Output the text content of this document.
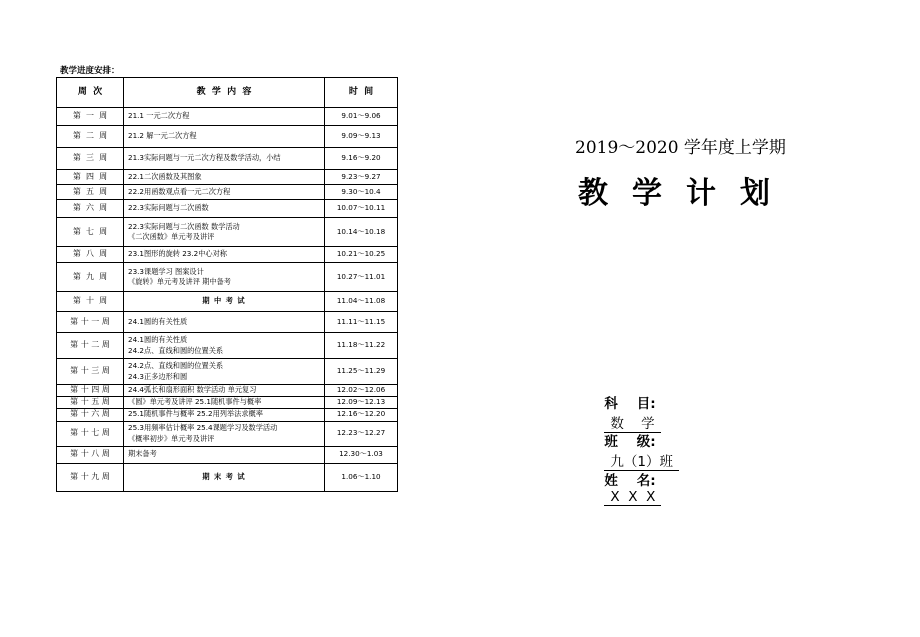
教学进度安排：
周  次	教  学  内  容	时  间
第  一  周	21.1 一元二次方程	9.01～9.06
第  二  周	21.2 解一元二次方程	9.09～9.13
第  三  周	21.3实际问题与一元二次方程及数学活动，小结	9.16～9.20
第  四  周	22.1二次函数及其图象	9.23～9.27
第  五  周	22.2用函数观点看一元二次方程	9.30～10.4
第  六  周	22.3实际问题与二次函数	10.07～10.11
第  七  周	22.3实际问题与二次函数 数学活动
《二次函数》单元考及讲评	10.14～10.18
第  八  周	23.1图形的旋转 23.2中心对称	10.21～10.25
第  九  周	23.3课题学习 图案设计
《旋转》单元考及讲评 期中备考	10.27～11.01
第  十  周	期 中 考 试	11.04～11.08
第 十 一 周	24.1圆的有关性质	11.11～11.15
第 十 二 周	24.1圆的有关性质
24.2点、直线和圆的位置关系	11.18～11.22
第 十 三 周	24.2点、直线和圆的位置关系
24.3正多边形和圆	11.25～11.29
第 十 四 周	24.4弧长和扇形面积 数学活动 单元复习	12.02～12.06
第 十 五 周	《圆》单元考及讲评 25.1随机事件与概率	12.09～12.13
第 十 六 周	25.1随机事件与概率 25.2用列举法求概率	12.16～12.20
第 十 七 周	25.3用频率估计概率 25.4课题学习及数学活动
《概率初步》单元考及讲评	12.23～12.27
第 十 八 周	期末备考	12.30～1.03
第 十 九 周	期 末 考 试	1.06～1.10
2019～2020 学年度上学期
教学计划

科    目:
数    学

班    级:
九（1）班

姓    名:
X  X  X
